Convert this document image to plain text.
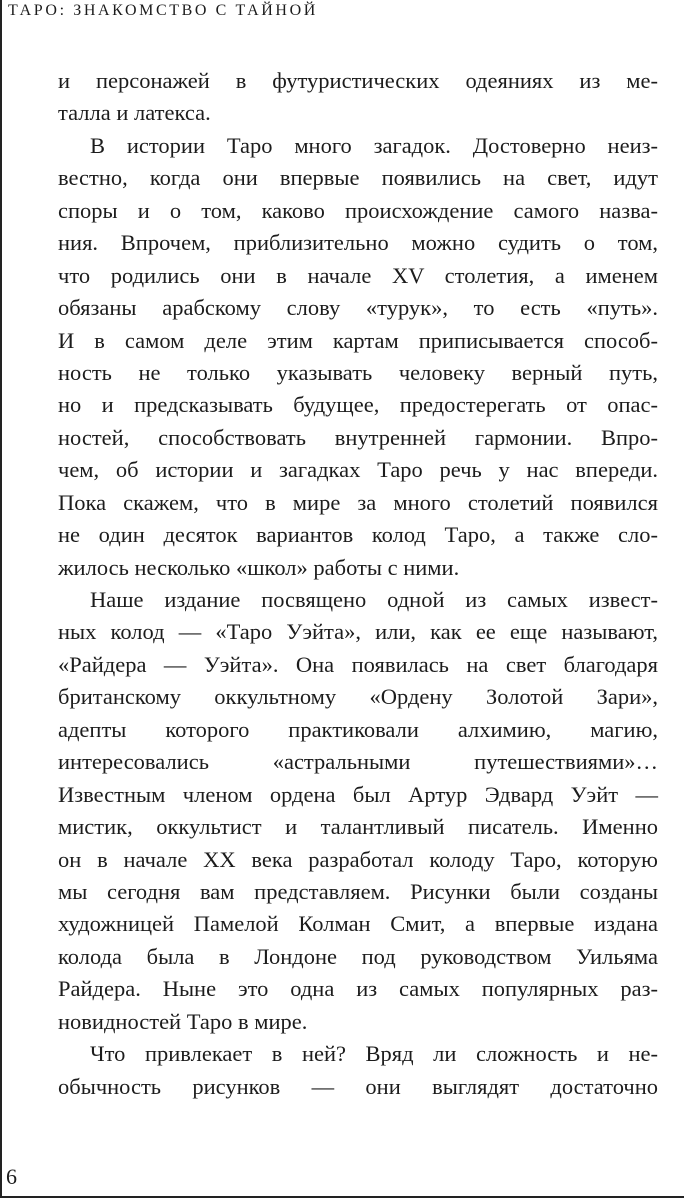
ТАРО: ЗНАКОМСТВО С ТАЙНОЙ
и персонажей в футуристических одеяниях из ме-
талла и латекса.
В истории Таро много загадок. Достоверно неиз-
вестно, когда они впервые появились на свет, идут
споры и о том, каково происхождение самого назва-
ния. Впрочем, приблизительно можно судить о том,
что родились они в начале XV столетия, а именем
обязаны арабскому слову «турук», то есть «путь».
И в самом деле этим картам приписывается способ-
ность не только указывать человеку верный путь,
но и предсказывать будущее, предостерегать от опас-
ностей, способствовать внутренней гармонии. Впро-
чем, об истории и загадках Таро речь у нас впереди.
Пока скажем, что в мире за много столетий появился
не один десяток вариантов колод Таро, а также сло-
жилось несколько «школ» работы с ними.
Наше издание посвящено одной из самых извест-
ных колод — «Таро Уэйта», или, как ее еще называют,
«Райдера — Уэйта». Она появилась на свет благодаря
британскому оккультному «Ордену Золотой Зари»,
адепты которого практиковали алхимию, магию,
интересовались «астральными путешествиями»…
Известным членом ордена был Артур Эдвард Уэйт —
мистик, оккультист и талантливый писатель. Именно
он в начале XX века разработал колоду Таро, которую
мы сегодня вам представляем. Рисунки были созданы
художницей Памелой Колман Смит, а впервые издана
колода была в Лондоне под руководством Уильяма
Райдера. Ныне это одна из самых популярных раз-
новидностей Таро в мире.
Что привлекает в ней? Вряд ли сложность и не-
обычность рисунков — они выглядят достаточно
6
